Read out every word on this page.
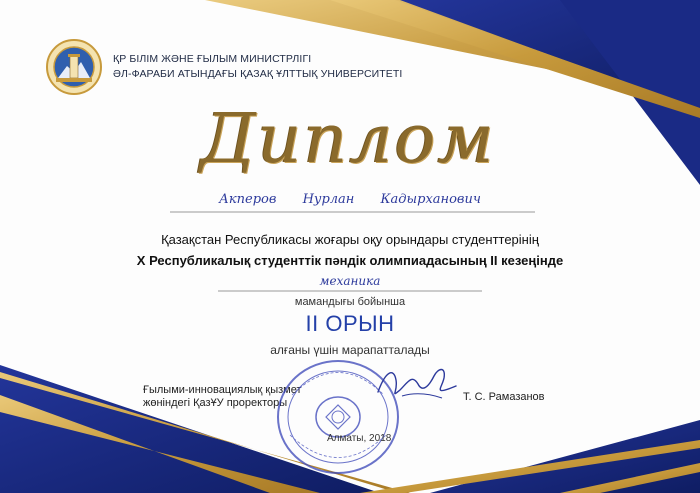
ҚР БІЛІМ ЖӘНЕ ҒЫЛЫМ МИНИСТРЛІГІ
ӘЛ-ФАРАБИ АТЫНДАҒЫ ҚАЗАҚ ҰЛТТЫҚ УНИВЕРСИТЕТІ
Диплом
Акперов Нурлан Кадырханович
Қазақстан Республикасы жоғары оқу орындары студенттерінің
X Республикалық студенттік пәндік олимпиадасының II кезеңінде
механика
мамандығы бойынша
II ОРЫН
алғаны үшін марапатталады
Ғылыми-инновациялық қызмет
жөніндегі ҚазҰУ проректоры	Т. С. Рамазанов
Алматы, 2018
